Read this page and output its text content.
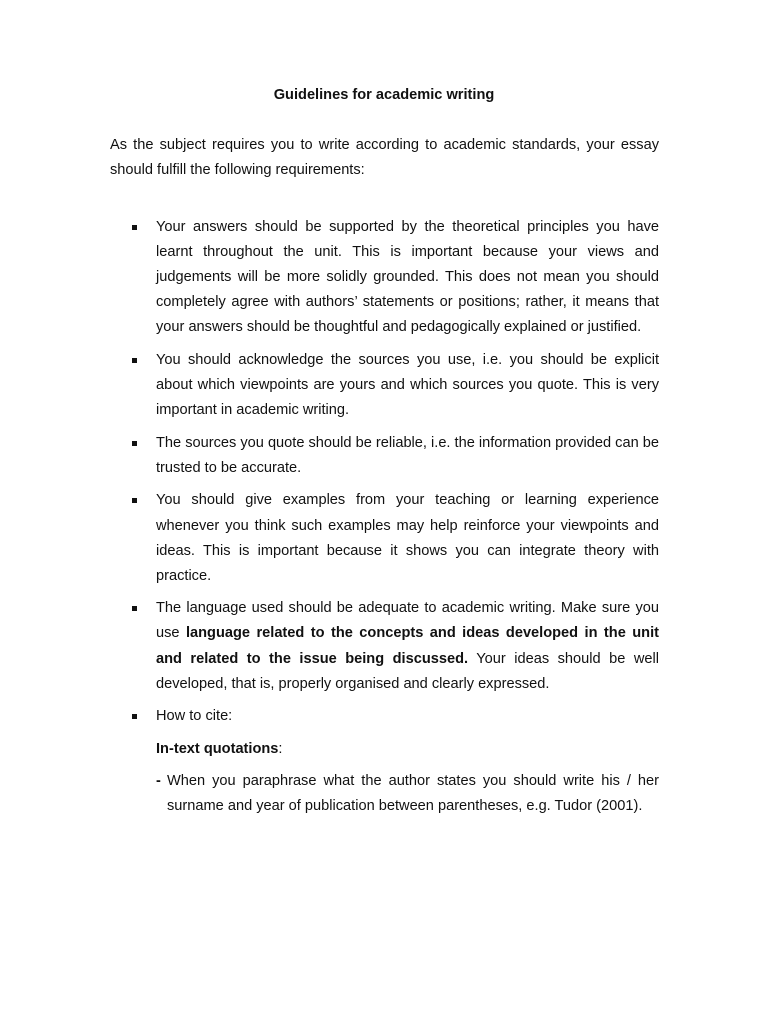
Guidelines for academic writing

As the subject requires you to write according to academic standards, your essay should fulfill the following requirements:

Your answers should be supported by the theoretical principles you have learnt throughout the unit. This is important because your views and judgements will be more solidly grounded. This does not mean you should completely agree with authors’ statements or positions; rather, it means that your answers should be thoughtful and pedagogically explained or justified.
You should acknowledge the sources you use, i.e. you should be explicit about which viewpoints are yours and which sources you quote. This is very important in academic writing.
The sources you quote should be reliable, i.e. the information provided can be trusted to be accurate.
You should give examples from your teaching or learning experience whenever you think such examples may help reinforce your viewpoints and ideas. This is important because it shows you can integrate theory with practice.
The language used should be adequate to academic writing. Make sure you use language related to the concepts and ideas developed in the unit and related to the issue being discussed. Your ideas should be well developed, that is, properly organised and clearly expressed.
How to cite:
In-text quotations:
- When you paraphrase what the author states you should write his / her surname and year of publication between parentheses, e.g. Tudor (2001).
